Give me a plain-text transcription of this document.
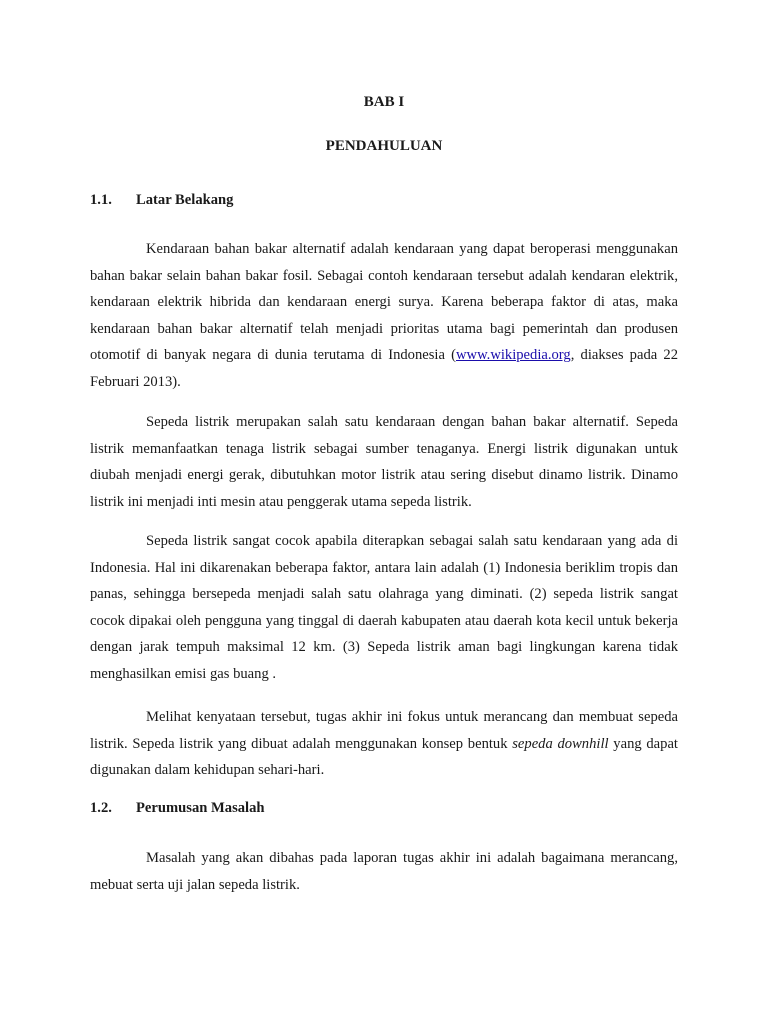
BAB I
PENDAHULUAN
1.1. Latar Belakang

Kendaraan bahan bakar alternatif adalah kendaraan yang dapat beroperasi menggunakan bahan bakar selain bahan bakar fosil. Sebagai contoh kendaraan tersebut adalah kendaran elektrik, kendaraan elektrik hibrida dan kendaraan energi surya. Karena beberapa faktor di atas, maka kendaraan bahan bakar alternatif telah menjadi prioritas utama bagi pemerintah dan produsen otomotif di banyak negara di dunia terutama di Indonesia (www.wikipedia.org, diakses pada 22 Februari 2013).

Sepeda listrik merupakan salah satu kendaraan dengan bahan bakar alternatif. Sepeda listrik memanfaatkan tenaga listrik sebagai sumber tenaganya. Energi listrik digunakan untuk diubah menjadi energi gerak, dibutuhkan motor listrik atau sering disebut dinamo listrik. Dinamo listrik ini menjadi inti mesin atau penggerak utama sepeda listrik.

Sepeda listrik sangat cocok apabila diterapkan sebagai salah satu kendaraan yang ada di Indonesia. Hal ini dikarenakan beberapa faktor, antara lain adalah (1) Indonesia beriklim tropis dan panas, sehingga bersepeda menjadi salah satu olahraga yang diminati. (2) sepeda listrik sangat cocok dipakai oleh pengguna yang tinggal di daerah kabupaten atau daerah kota kecil untuk bekerja dengan jarak tempuh maksimal 12 km. (3) Sepeda listrik aman bagi lingkungan karena tidak menghasilkan emisi gas buang .

Melihat kenyataan tersebut, tugas akhir ini fokus untuk merancang dan membuat sepeda listrik. Sepeda listrik yang dibuat adalah menggunakan konsep bentuk sepeda downhill yang dapat digunakan dalam kehidupan sehari-hari.

1.2. Perumusan Masalah

Masalah yang akan dibahas pada laporan tugas akhir ini adalah bagaimana merancang, mebuat serta uji jalan sepeda listrik.
